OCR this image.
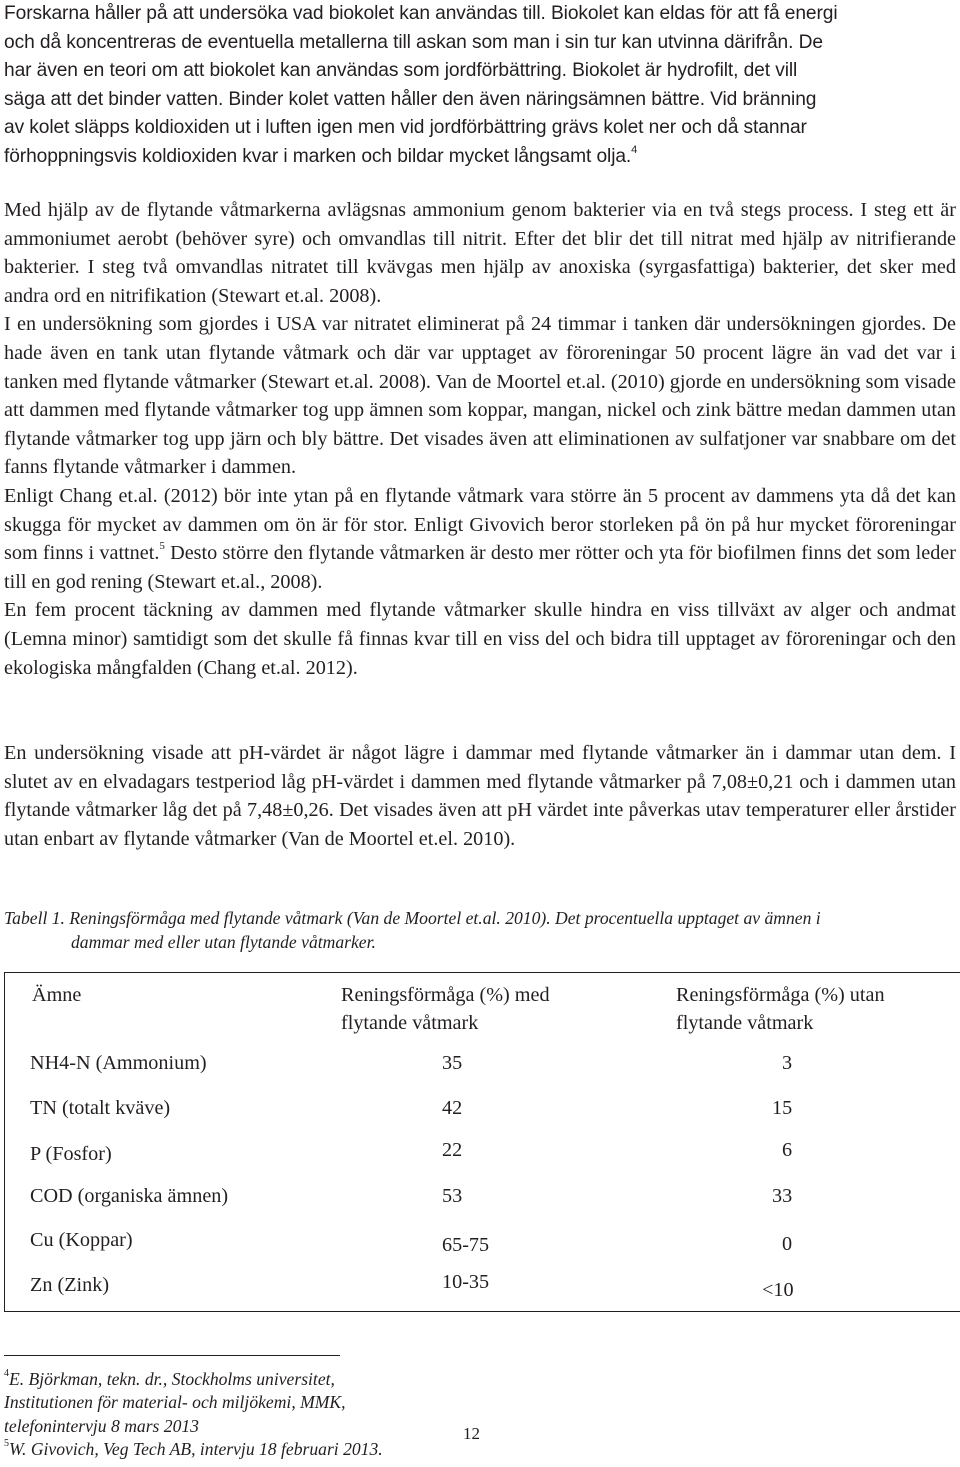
Forskarna håller på att undersöka vad biokolet kan användas till. Biokolet kan eldas för att få energi
och då koncentreras de eventuella metallerna till askan som man i sin tur kan utvinna därifrån. De
har även en teori om att biokolet kan användas som jordförbättring. Biokolet är hydrofilt, det vill
säga att det binder vatten. Binder kolet vatten håller den även näringsämnen bättre. Vid bränning
av kolet släpps koldioxiden ut i luften igen men vid jordförbättring grävs kolet ner och då stannar
förhoppningsvis koldioxiden kvar i marken och bildar mycket långsamt olja.$^4$

Med hjälp av de flytande våtmarkerna avlägsnas ammonium genom bakterier via en två stegs process. I steg ett är ammoniumet aerobt (behöver syre) och omvandlas till nitrit. Efter det blir det till nitrat med hjälp av nitrifierande bakterier. I steg två omvandlas nitratet till kvävgas men hjälp av anoxiska (syrgasfattiga) bakterier, det sker med andra ord en nitrifikation (Stewart et.al. 2008).

I en undersökning som gjordes i USA var nitratet eliminerat på 24 timmar i tanken där undersökningen gjordes. De hade även en tank utan flytande våtmark och där var upptaget av föroreningar 50 procent lägre än vad det var i tanken med flytande våtmarker (Stewart et.al. 2008). Van de Moortel et.al. (2010) gjorde en undersökning som visade att dammen med flytande våtmarker tog upp ämnen som koppar, mangan, nickel och zink bättre medan dammen utan flytande våtmarker tog upp järn och bly bättre. Det visades även att eliminationen av sulfatjoner var snabbare om det fanns flytande våtmarker i dammen.

Enligt Chang et.al. (2012) bör inte ytan på en flytande våtmark vara större än 5 procent av dammens yta då det kan skugga för mycket av dammen om ön är för stor. Enligt Givovich beror storleken på ön på hur mycket föroreningar som finns i vattnet.$^5$ Desto större den flytande våtmarken är desto mer rötter och yta för biofilmen finns det som leder till en god rening (Stewart et.al., 2008).

En fem procent täckning av dammen med flytande våtmarker skulle hindra en viss tillväxt av alger och andmat (Lemna minor) samtidigt som det skulle få finnas kvar till en viss del och bidra till upptaget av föroreningar och den ekologiska mångfalden (Chang et.al. 2012).

En undersökning visade att pH-värdet är något lägre i dammar med flytande våtmarker än i dammar utan dem. I slutet av en elvadagars testperiod låg pH-värdet i dammen med flytande våtmarker på 7,08±0,21 och i dammen utan flytande våtmarker låg det på 7,48±0,26. Det visades även att pH värdet inte påverkas utav temperaturer eller årstider utan enbart av flytande våtmarker (Van de Moortel et.el. 2010).

Tabell 1. Reningsförmåga med flytande våtmark (Van de Moortel et.al. 2010). Det procentuella upptaget av ämnen i
dammar med eller utan flytande våtmarker.
Ämne	Reningsförmåga (%) med
flytande våtmark
Reningsförmåga (%) utan
flytande våtmark
NH4-N (Ammonium)	35	3
TN (totalt kväve)	42	15
P (Fosfor)	22	6
COD (organiska ämnen)	53	33
Cu (Koppar)	65-75	0
Zn (Zink)	10-35	<10
$^4$E. Björkman, tekn. dr., Stockholms universitet,
Institutionen för material- och miljökemi, MMK,
telefonintervju 8 mars 2013
$^5$W. Givovich, Veg Tech AB, intervju 18 februari 2013.
12
